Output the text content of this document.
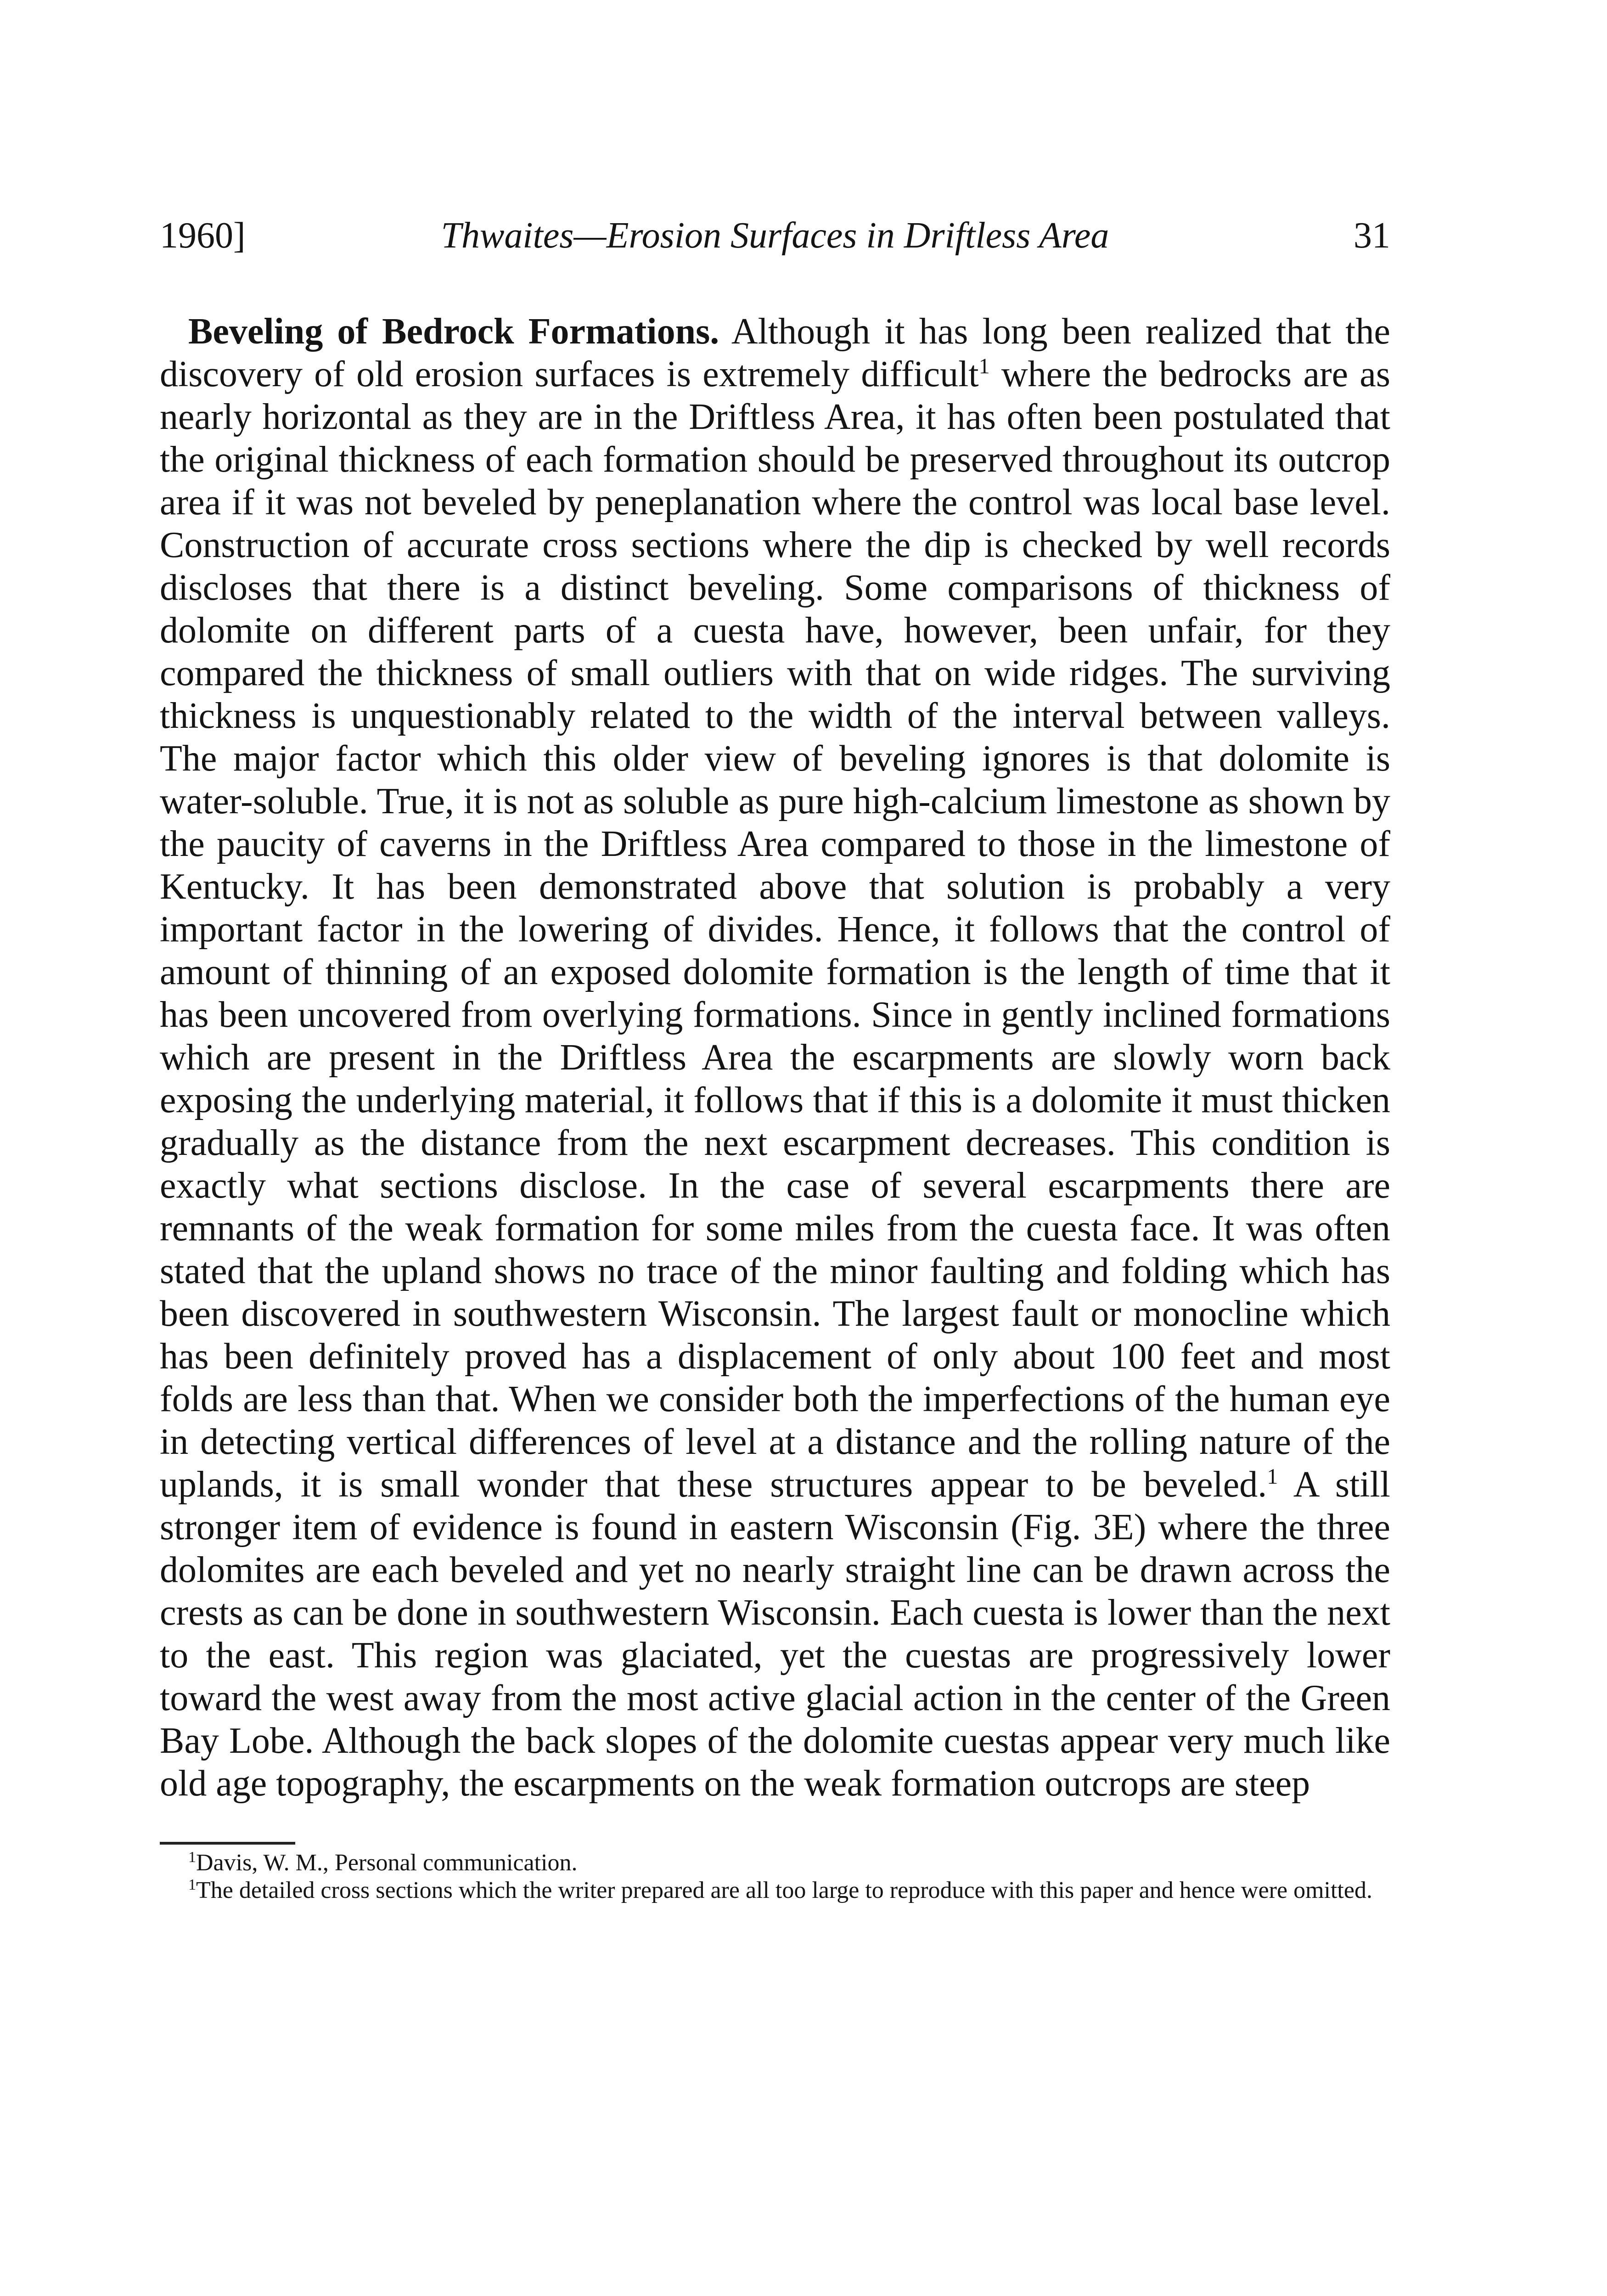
1960]	Thwaites—Erosion Surfaces in Driftless Area	31

Beveling of Bedrock Formations. Although it has long been realized that the discovery of old erosion surfaces is extremely difficult$^1$ where the bedrocks are as nearly horizontal as they are in the Driftless Area, it has often been postulated that the original thickness of each formation should be preserved throughout its outcrop area if it was not beveled by peneplanation where the control was local base level. Construction of accurate cross sections where the dip is checked by well records discloses that there is a distinct beveling. Some comparisons of thickness of dolomite on different parts of a cuesta have, however, been unfair, for they compared the thickness of small outliers with that on wide ridges. The surviving thickness is unquestionably related to the width of the interval between valleys. The major factor which this older view of beveling ignores is that dolomite is water-soluble. True, it is not as soluble as pure high-calcium limestone as shown by the paucity of caverns in the Driftless Area compared to those in the limestone of Kentucky. It has been demonstrated above that solution is probably a very important factor in the lowering of divides. Hence, it follows that the control of amount of thinning of an exposed dolomite formation is the length of time that it has been uncovered from overlying formations. Since in gently inclined formations which are present in the Driftless Area the escarpments are slowly worn back exposing the underlying material, it follows that if this is a dolomite it must thicken gradually as the distance from the next escarpment decreases. This condition is exactly what sections disclose. In the case of several escarpments there are remnants of the weak formation for some miles from the cuesta face. It was often stated that the upland shows no trace of the minor faulting and folding which has been discovered in southwestern Wisconsin. The largest fault or monocline which has been definitely proved has a displacement of only about 100 feet and most folds are less than that. When we consider both the imperfections of the human eye in detecting vertical differences of level at a distance and the rolling nature of the uplands, it is small wonder that these structures appear to be beveled.$^1$ A still stronger item of evidence is found in eastern Wisconsin (Fig. 3E) where the three dolomites are each beveled and yet no nearly straight line can be drawn across the crests as can be done in southwestern Wisconsin. Each cuesta is lower than the next to the east. This region was glaciated, yet the cuestas are progressively lower toward the west away from the most active glacial action in the center of the Green Bay Lobe. Although the back slopes of the dolomite cuestas appear very much like old age topography, the escarpments on the weak formation outcrops are steep

$^1$Davis, W. M., Personal communication.

$^1$The detailed cross sections which the writer prepared are all too large to reproduce with this paper and hence were omitted.
